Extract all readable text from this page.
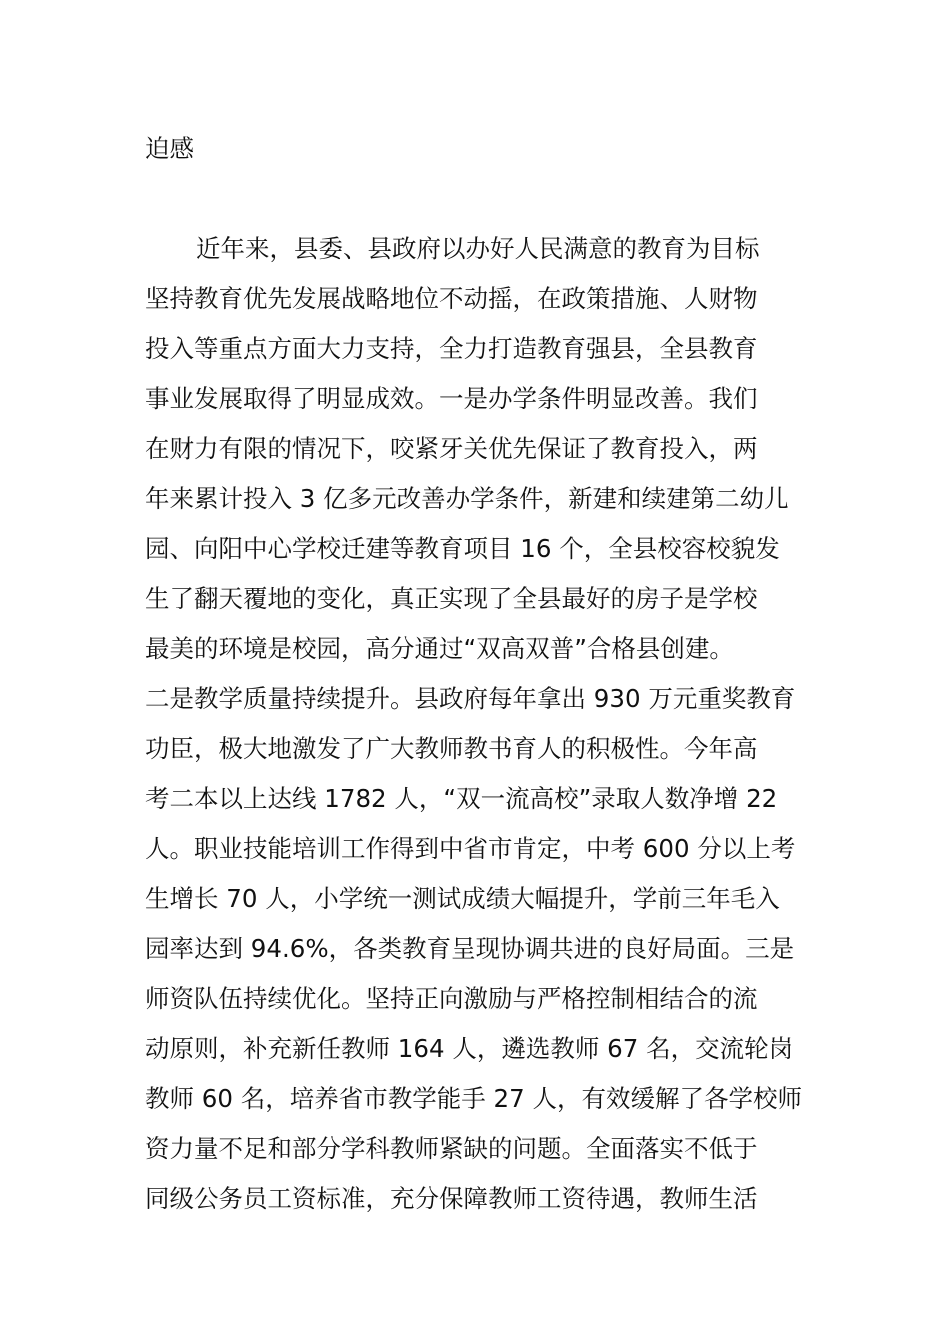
迫感
近年来，县委、县政府以办好人民满意的教育为目标
坚持教育优先发展战略地位不动摇，在政策措施、人财物
投入等重点方面大力支持，全力打造教育强县，全县教育
事业发展取得了明显成效。一是办学条件明显改善。我们
在财力有限的情况下，咬紧牙关优先保证了教育投入，两
年来累计投入 3 亿多元改善办学条件，新建和续建第二幼儿
园、向阳中心学校迁建等教育项目 16 个，全县校容校貌发
生了翻天覆地的变化，真正实现了全县最好的房子是学校
最美的环境是校园，高分通过“双高双普”合格县创建。
二是教学质量持续提升。县政府每年拿出 930 万元重奖教育
功臣，极大地激发了广大教师教书育人的积极性。今年高
考二本以上达线 1782 人，“双一流高校”录取人数净增 22
人。职业技能培训工作得到中省市肯定，中考 600 分以上考
生增长 70 人，小学统一测试成绩大幅提升，学前三年毛入
园率达到 94.6%，各类教育呈现协调共进的良好局面。三是
师资队伍持续优化。坚持正向激励与严格控制相结合的流
动原则，补充新任教师 164 人，遴选教师 67 名，交流轮岗
教师 60 名，培养省市教学能手 27 人，有效缓解了各学校师
资力量不足和部分学科教师紧缺的问题。全面落实不低于
同级公务员工资标准，充分保障教师工资待遇，教师生活
